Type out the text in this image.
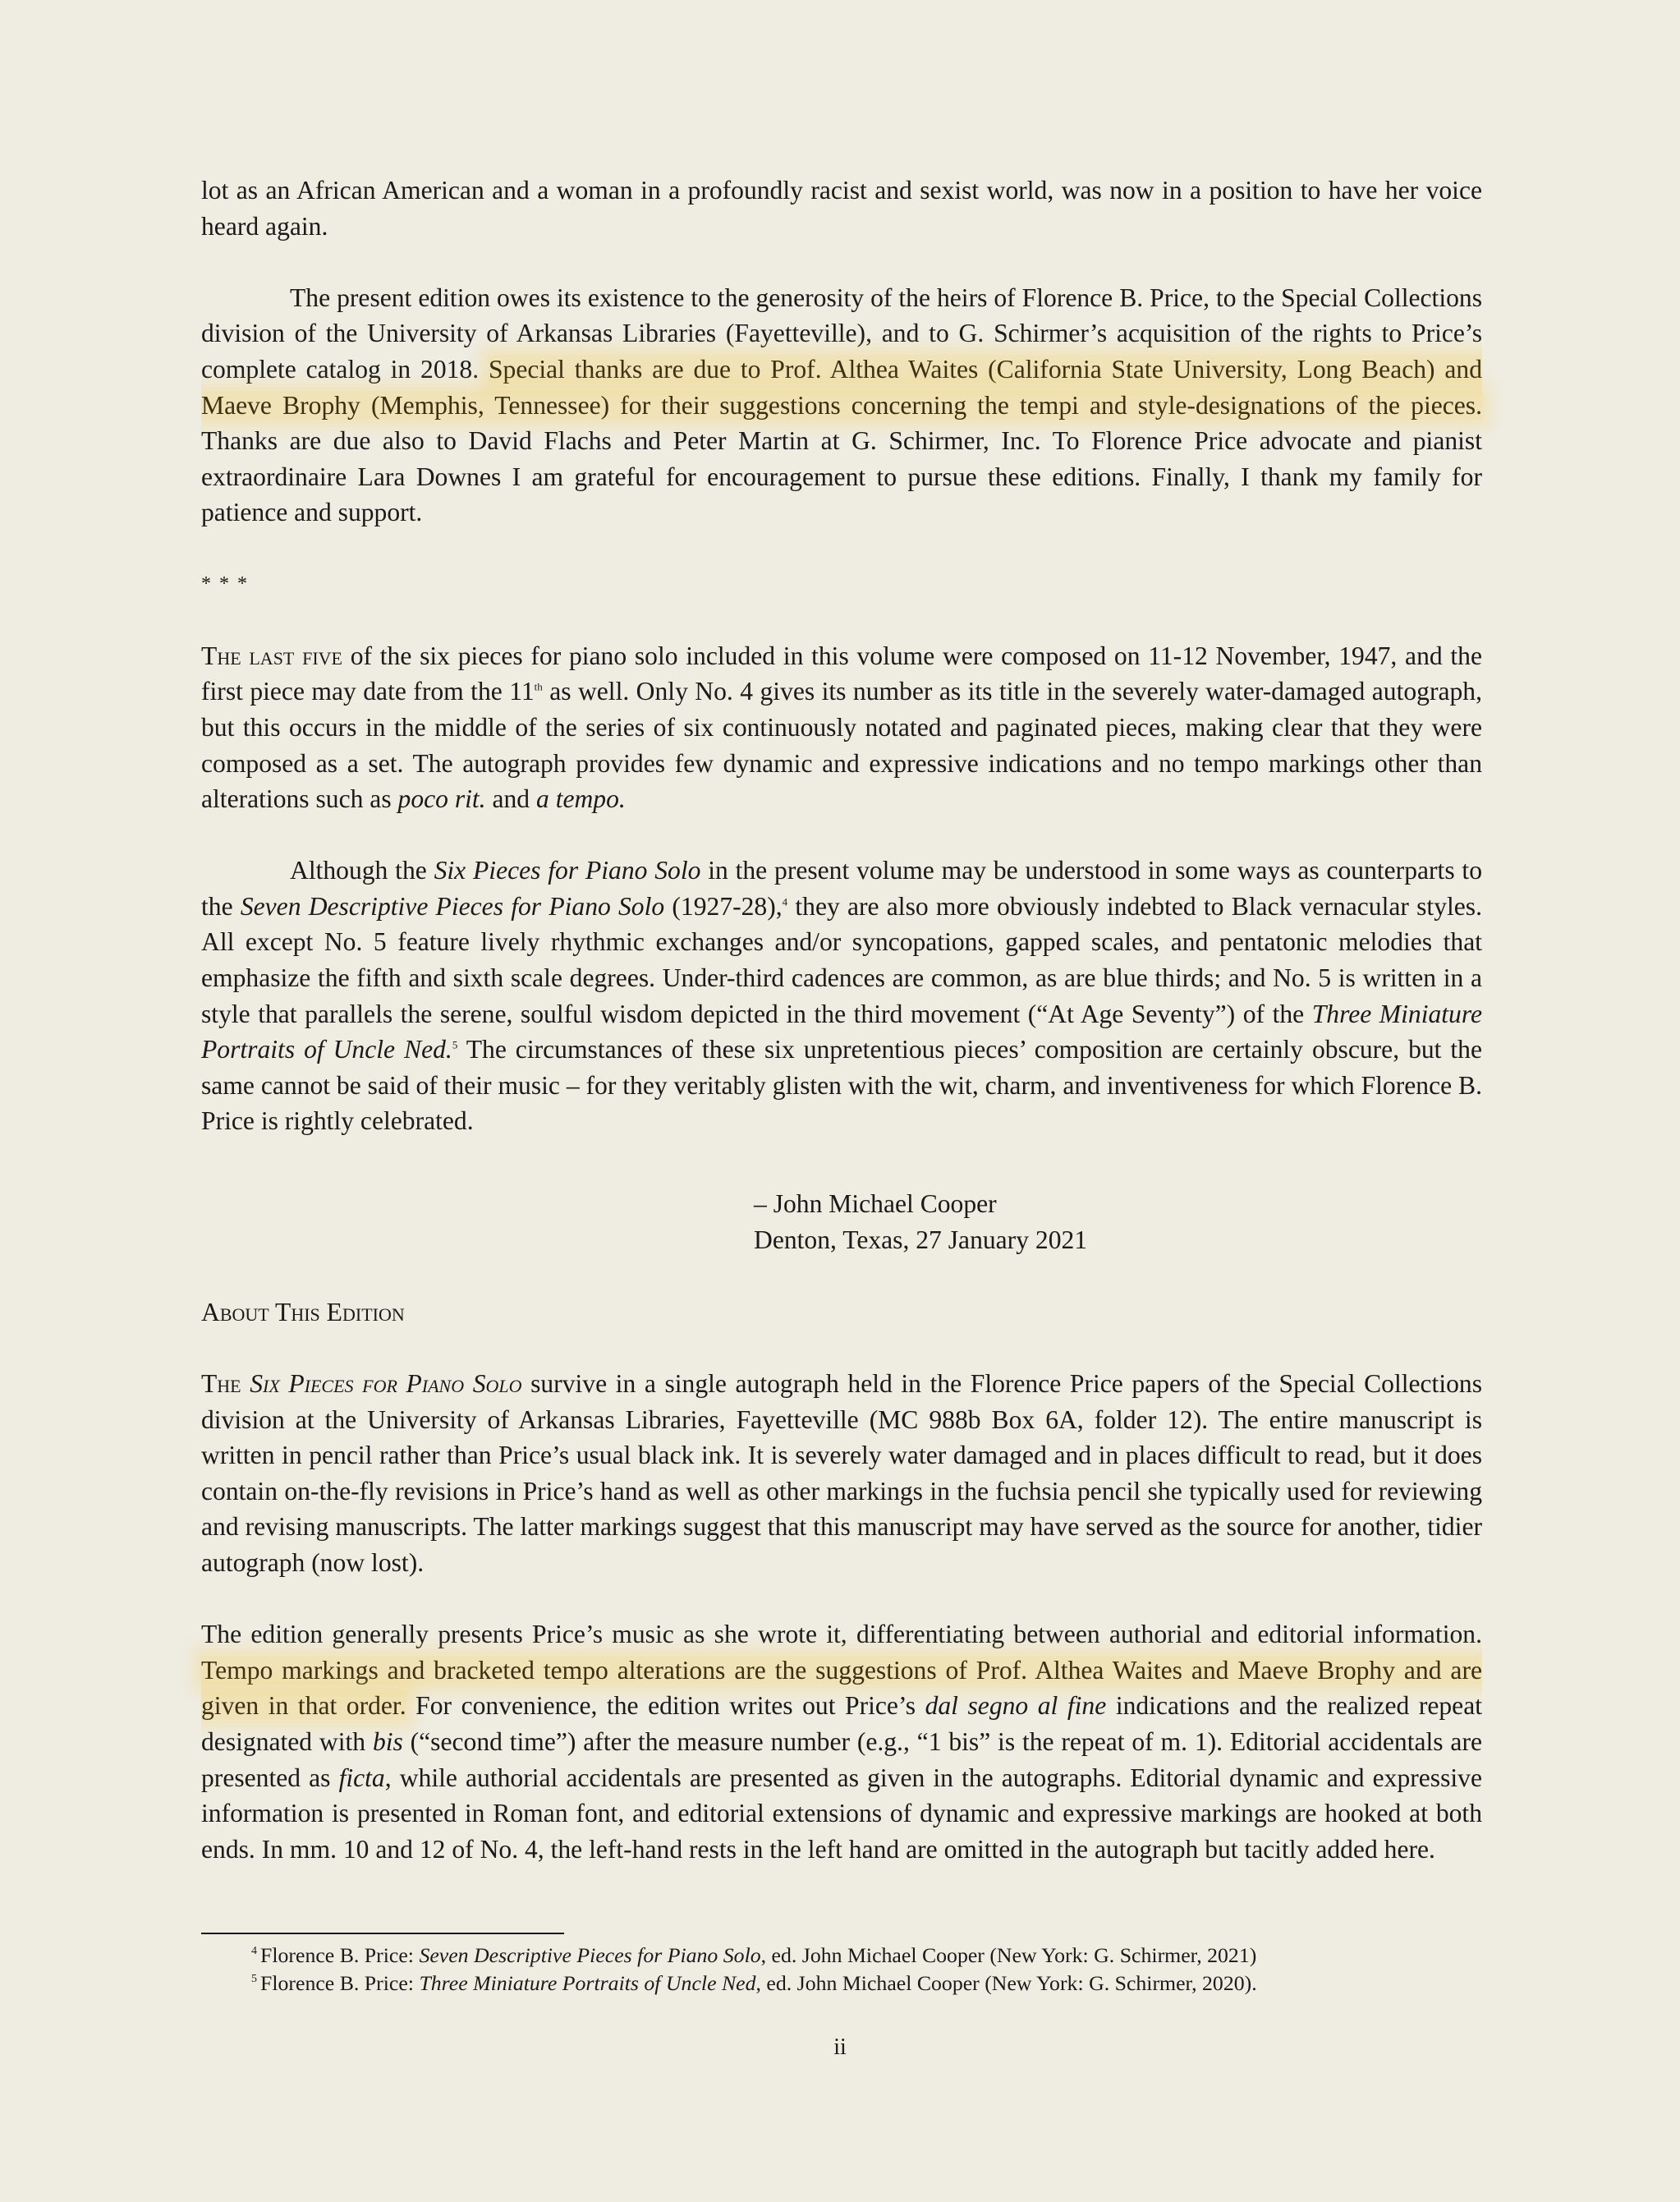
lot as an African American and a woman in a profoundly racist and sexist world, was now in a position to have her voice heard again.

The present edition owes its existence to the generosity of the heirs of Florence B. Price, to the Special Collections division of the University of Arkansas Libraries (Fayetteville), and to G. Schirmer’s acquisition of the rights to Price’s complete catalog in 2018. Special thanks are due to Prof. Althea Waites (California State University, Long Beach) and Maeve Brophy (Memphis, Tennessee) for their suggestions concerning the tempi and style-designations of the pieces. Thanks are due also to David Flachs and Peter Martin at G. Schirmer, Inc. To Florence Price advocate and pianist extraordinaire Lara Downes I am grateful for encouragement to pursue these editions. Finally, I thank my family for patience and support.

* * *

The last five of the six pieces for piano solo included in this volume were composed on 11-12 November, 1947, and the first piece may date from the 11th as well. Only No. 4 gives its number as its title in the severely water-damaged autograph, but this occurs in the middle of the series of six continuously notated and paginated pieces, making clear that they were composed as a set. The autograph provides few dynamic and expressive indications and no tempo markings other than alterations such as poco rit. and a tempo.

Although the Six Pieces for Piano Solo in the present volume may be understood in some ways as counterparts to the Seven Descriptive Pieces for Piano Solo (1927-28),$^4$ they are also more obviously indebted to Black vernacular styles. All except No. 5 feature lively rhythmic exchanges and/or syncopations, gapped scales, and pentatonic melodies that emphasize the fifth and sixth scale degrees. Under-third cadences are common, as are blue thirds; and No. 5 is written in a style that parallels the serene, soulful wisdom depicted in the third movement (“At Age Seventy”) of the Three Miniature Portraits of Uncle Ned.$^5$ The circumstances of these six unpretentious pieces’ composition are certainly obscure, but the same cannot be said of their music – for they veritably glisten with the wit, charm, and inventiveness for which Florence B. Price is rightly celebrated.

– John Michael Cooper
Denton, Texas, 27 January 2021
About This Edition

The Six Pieces for Piano Solo survive in a single autograph held in the Florence Price papers of the Special Collections division at the University of Arkansas Libraries, Fayetteville (MC 988b Box 6A, folder 12). The entire manuscript is written in pencil rather than Price’s usual black ink. It is severely water damaged and in places difficult to read, but it does contain on-the-fly revisions in Price’s hand as well as other markings in the fuchsia pencil she typically used for reviewing and revising manuscripts. The latter markings suggest that this manuscript may have served as the source for another, tidier autograph (now lost).

The edition generally presents Price’s music as she wrote it, differentiating between authorial and editorial information. Tempo markings and bracketed tempo alterations are the suggestions of Prof. Althea Waites and Maeve Brophy and are given in that order. For convenience, the edition writes out Price’s dal segno al fine indications and the realized repeat designated with bis (“second time”) after the measure number (e.g., “1 bis” is the repeat of m. 1). Editorial accidentals are presented as ficta, while authorial accidentals are presented as given in the autographs. Editorial dynamic and expressive information is presented in Roman font, and editorial extensions of dynamic and expressive markings are hooked at both ends. In mm. 10 and 12 of No. 4, the left-hand rests in the left hand are omitted in the autograph but tacitly added here.

$^4$ Florence B. Price: Seven Descriptive Pieces for Piano Solo, ed. John Michael Cooper (New York: G. Schirmer, 2021)

$^5$ Florence B. Price: Three Miniature Portraits of Uncle Ned, ed. John Michael Cooper (New York: G. Schirmer, 2020).

ii
